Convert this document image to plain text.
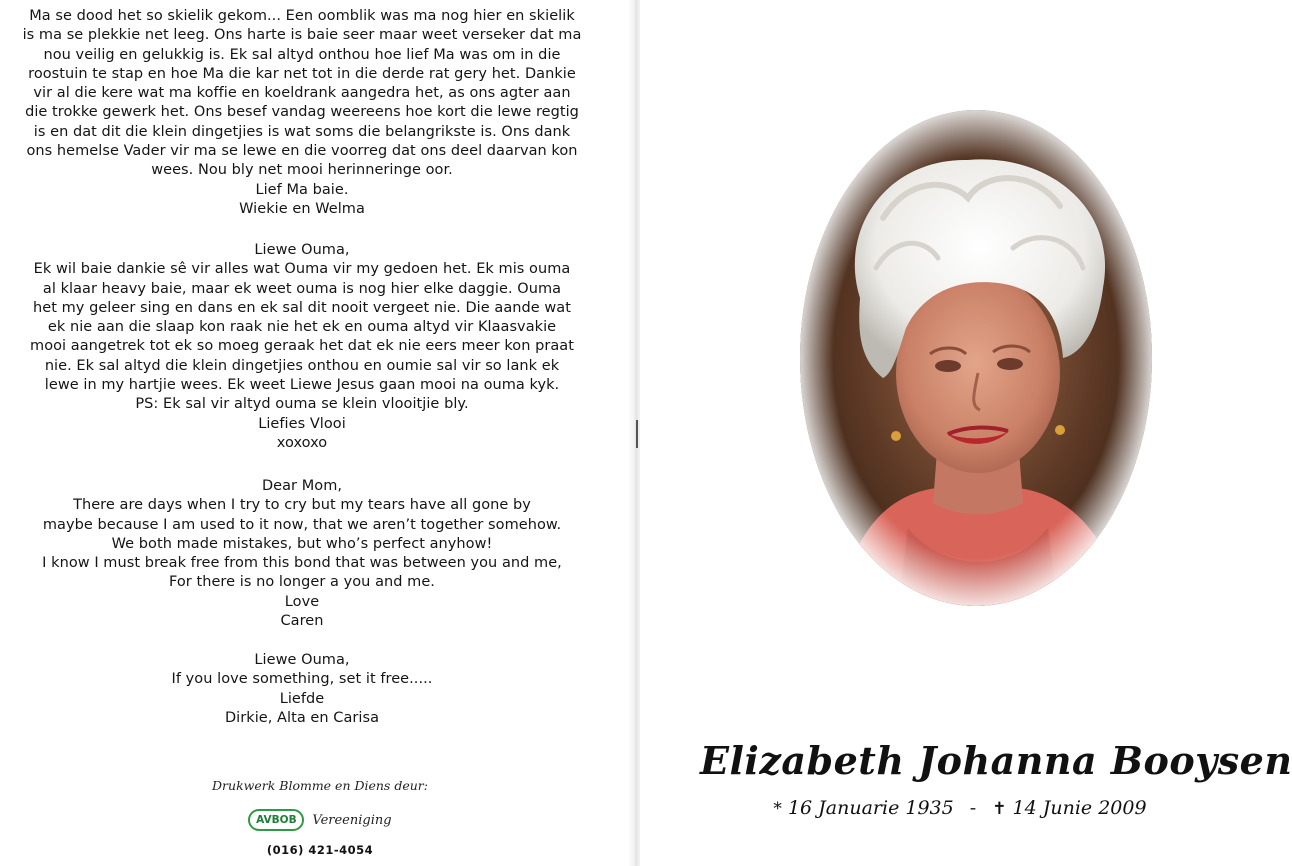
Ma se dood het so skielik gekom... Een oomblik was ma nog hier en skielik
is ma se plekkie net leeg. Ons harte is baie seer maar weet verseker dat ma
nou veilig en gelukkig is. Ek sal altyd onthou hoe lief Ma was om in die
roostuin te stap en hoe Ma die kar net tot in die derde rat gery het. Dankie
vir al die kere wat ma koffie en koeldrank aangedra het, as ons agter aan
die trokke gewerk het. Ons besef vandag weereens hoe kort die lewe regtig
is en dat dit die klein dingetjies is wat soms die belangrikste is. Ons dank
ons hemelse Vader vir ma se lewe en die voorreg dat ons deel daarvan kon
wees. Nou bly net mooi herinneringe oor.
Lief Ma baie.
Wiekie en Welma
Liewe Ouma,
Ek wil baie dankie sê vir alles wat Ouma vir my gedoen het. Ek mis ouma
al klaar heavy baie, maar ek weet ouma is nog hier elke daggie. Ouma
het my geleer sing en dans en ek sal dit nooit vergeet nie. Die aande wat
ek nie aan die slaap kon raak nie het ek en ouma altyd vir Klaasvakie
mooi aangetrek tot ek so moeg geraak het dat ek nie eers meer kon praat
nie. Ek sal altyd die klein dingetjies onthou en oumie sal vir so lank ek
lewe in my hartjie wees. Ek weet Liewe Jesus gaan mooi na ouma kyk.
PS: Ek sal vir altyd ouma se klein vlooitjie bly.
Liefies Vlooi
xoxoxo
Dear Mom,
There are days when I try to cry but my tears have all gone by
maybe because I am used to it now, that we aren’t together somehow.
We both made mistakes, but who’s perfect anyhow!
I know I must break free from this bond that was between you and me,
For there is no longer a you and me.
Love
Caren
Liewe Ouma,
If you love something, set it free.....
Liefde
Dirkie, Alta en Carisa
Drukwerk Blomme en Diens deur:
AVBOB	Vereeniging
(016) 421-4054
Elizabeth Johanna Booysen
* 16 Januarie 1935 - ✝ 14 Junie 2009
